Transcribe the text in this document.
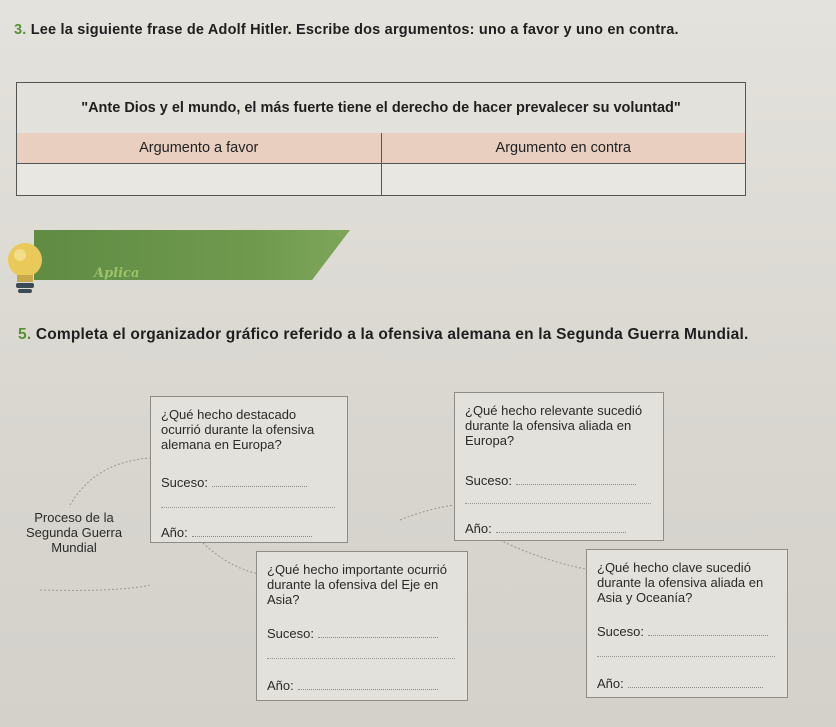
3. Lee la siguiente frase de Adolf Hitler. Escribe dos argumentos: uno a favor y uno en contra.
"Ante Dios y el mundo, el más fuerte tiene el derecho de hacer prevalecer su voluntad"
Argumento a favor	Argumento en contra
Aplica
5. Completa el organizador gráfico referido a la ofensiva alemana en la Segunda Guerra Mundial.
Proceso de la Segunda Guerra Mundial
¿Qué hecho destacado ocurrió durante la ofensiva alemana en Europa?
Suceso:
Año:
¿Qué hecho relevante sucedió durante la ofensiva aliada en Europa?
Suceso:
Año:
¿Qué hecho importante ocurrió durante la ofensiva del Eje en Asia?
Suceso:
Año:
¿Qué hecho clave sucedió durante la ofensiva aliada en Asia y Oceanía?
Suceso:
Año:
